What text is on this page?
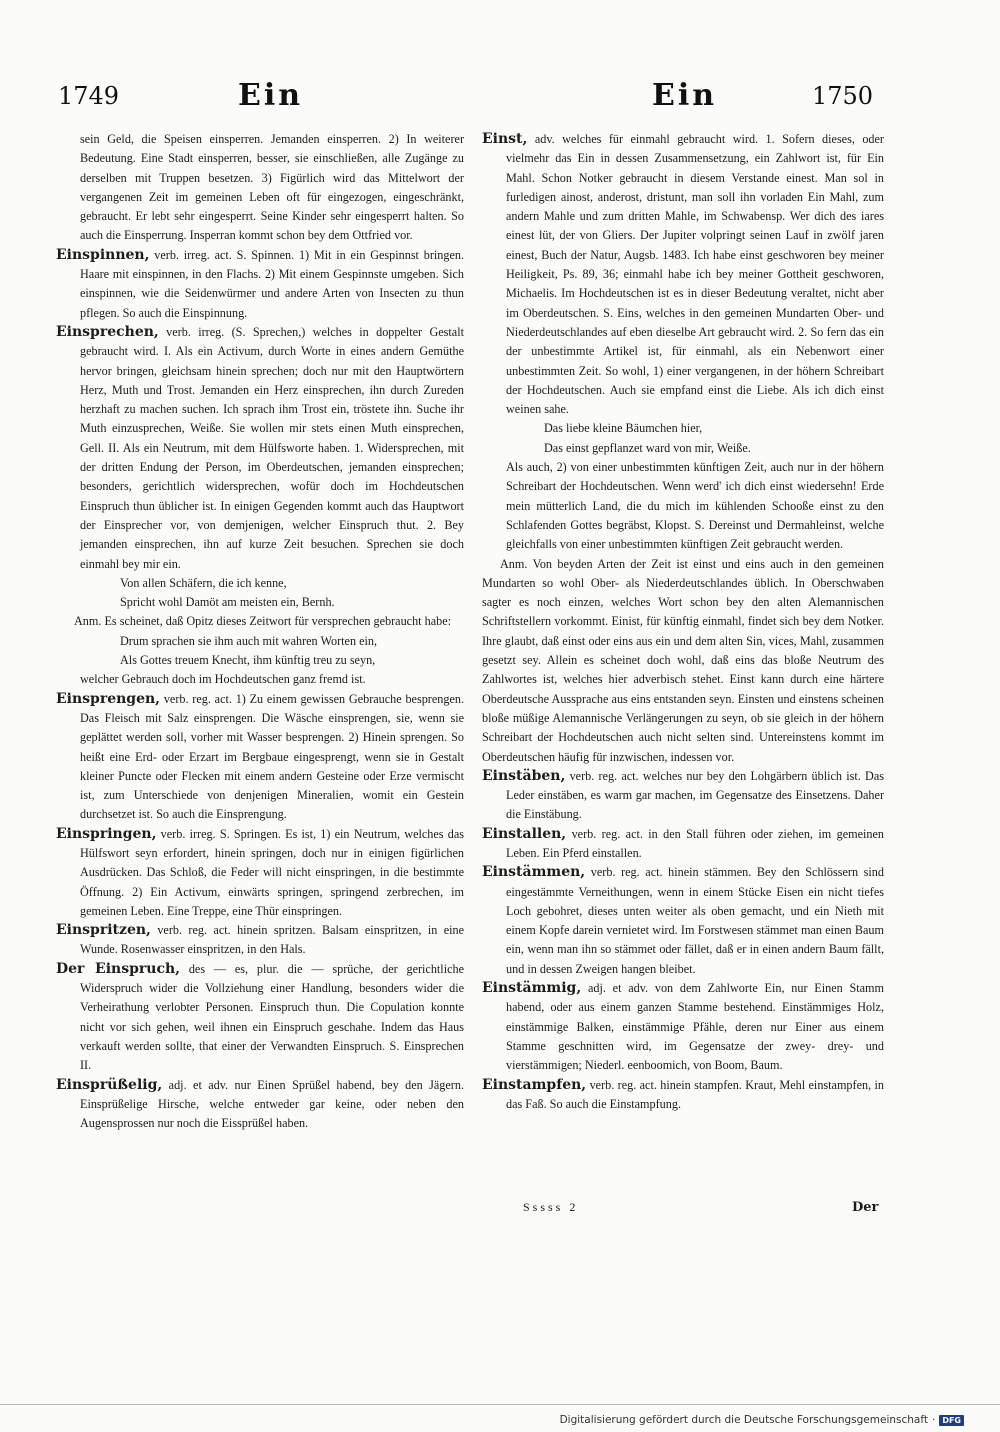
1749	Ein	Ein	1750

sein Geld, die Speisen einsperren. Jemanden einsperren. 2) In weiterer Bedeutung. Eine Stadt einsperren, besser, sie einschließen, alle Zugänge zu derselben mit Truppen besetzen. 3) Figürlich wird das Mittelwort der vergangenen Zeit im gemeinen Leben oft für eingezogen, eingeschränkt, gebraucht. Er lebt sehr eingesperrt. Seine Kinder sehr eingesperrt halten. So auch die Einsperrung. Insperran kommt schon bey dem Ottfried vor.

Einspinnen, verb. irreg. act. S. Spinnen. 1) Mit in ein Gespinnst bringen. Haare mit einspinnen, in den Flachs. 2) Mit einem Gespinnste umgeben. Sich einspinnen, wie die Seidenwürmer und andere Arten von Insecten zu thun pflegen. So auch die Einspinnung.

Einsprechen, verb. irreg. (S. Sprechen,) welches in doppelter Gestalt gebraucht wird. I. Als ein Activum, durch Worte in eines andern Gemüthe hervor bringen, gleichsam hinein sprechen; doch nur mit den Hauptwörtern Herz, Muth und Trost. Jemanden ein Herz einsprechen, ihn durch Zureden herzhaft zu machen suchen. Ich sprach ihm Trost ein, tröstete ihn. Suche ihr Muth einzusprechen, Weiße. Sie wollen mir stets einen Muth einsprechen, Gell. II. Als ein Neutrum, mit dem Hülfsworte haben. 1. Widersprechen, mit der dritten Endung der Person, im Oberdeutschen, jemanden einsprechen; besonders, gerichtlich widersprechen, wofür doch im Hochdeutschen Einspruch thun üblicher ist. In einigen Gegenden kommt auch das Hauptwort der Einsprecher vor, von demjenigen, welcher Einspruch thut. 2. Bey jemanden einsprechen, ihn auf kurze Zeit besuchen. Sprechen sie doch einmahl bey mir ein.

Von allen Schäfern, die ich kenne,

Spricht wohl Damöt am meisten ein, Bernh.

Anm. Es scheinet, daß Opitz dieses Zeitwort für versprechen gebraucht habe:

Drum sprachen sie ihm auch mit wahren Worten ein,

Als Gottes treuem Knecht, ihm künftig treu zu seyn,

welcher Gebrauch doch im Hochdeutschen ganz fremd ist.

Einsprengen, verb. reg. act. 1) Zu einem gewissen Gebrauche besprengen. Das Fleisch mit Salz einsprengen. Die Wäsche einsprengen, sie, wenn sie geplättet werden soll, vorher mit Wasser besprengen. 2) Hinein sprengen. So heißt eine Erd- oder Erzart im Bergbaue eingesprengt, wenn sie in Gestalt kleiner Puncte oder Flecken mit einem andern Gesteine oder Erze vermischt ist, zum Unterschiede von denjenigen Mineralien, womit ein Gestein durchsetzet ist. So auch die Einsprengung.

Einspringen, verb. irreg. S. Springen. Es ist, 1) ein Neutrum, welches das Hülfswort seyn erfordert, hinein springen, doch nur in einigen figürlichen Ausdrücken. Das Schloß, die Feder will nicht einspringen, in die bestimmte Öffnung. 2) Ein Activum, einwärts springen, springend zerbrechen, im gemeinen Leben. Eine Treppe, eine Thür einspringen.

Einspritzen, verb. reg. act. hinein spritzen. Balsam einspritzen, in eine Wunde. Rosenwasser einspritzen, in den Hals.

Der Einspruch, des — es, plur. die — sprüche, der gerichtliche Widerspruch wider die Vollziehung einer Handlung, besonders wider die Verheirathung verlobter Personen. Einspruch thun. Die Copulation konnte nicht vor sich gehen, weil ihnen ein Einspruch geschahe. Indem das Haus verkauft werden sollte, that einer der Verwandten Einspruch. S. Einsprechen II.

Einsprüßelig, adj. et adv. nur Einen Sprüßel habend, bey den Jägern. Einsprüßelige Hirsche, welche entweder gar keine, oder neben den Augensprossen nur noch die Eissprüßel haben.

Einst, adv. welches für einmahl gebraucht wird. 1. Sofern dieses, oder vielmehr das Ein in dessen Zusammensetzung, ein Zahlwort ist, für Ein Mahl. Schon Notker gebraucht in diesem Verstande einest. Man sol in furledigen ainost, anderost, dristunt, man soll ihn vorladen Ein Mahl, zum andern Mahle und zum dritten Mahle, im Schwabensp. Wer dich des iares einest lüt, der von Gliers. Der Jupiter volpringt seinen Lauf in zwölf jaren einest, Buch der Natur, Augsb. 1483. Ich habe einst geschworen bey meiner Heiligkeit, Ps. 89, 36; einmahl habe ich bey meiner Gottheit geschworen, Michaelis. Im Hochdeutschen ist es in dieser Bedeutung veraltet, nicht aber im Oberdeutschen. S. Eins, welches in den gemeinen Mundarten Ober- und Niederdeutschlandes auf eben dieselbe Art gebraucht wird. 2. So fern das ein der unbestimmte Artikel ist, für einmahl, als ein Nebenwort einer unbestimmten Zeit. So wohl, 1) einer vergangenen, in der höhern Schreibart der Hochdeutschen. Auch sie empfand einst die Liebe. Als ich dich einst weinen sahe.

Das liebe kleine Bäumchen hier,

Das einst gepflanzet ward von mir, Weiße.

Als auch, 2) von einer unbestimmten künftigen Zeit, auch nur in der höhern Schreibart der Hochdeutschen. Wenn werd' ich dich einst wiedersehn! Erde mein mütterlich Land, die du mich im kühlenden Schooße einst zu den Schlafenden Gottes begräbst, Klopst. S. Dereinst und Dermahleinst, welche gleichfalls von einer unbestimmten künftigen Zeit gebraucht werden.

Anm. Von beyden Arten der Zeit ist einst und eins auch in den gemeinen Mundarten so wohl Ober- als Niederdeutschlandes üblich. In Oberschwaben sagter es noch einzen, welches Wort schon bey den alten Alemannischen Schriftstellern vorkommt. Einist, für künftig einmahl, findet sich bey dem Notker. Ihre glaubt, daß einst oder eins aus ein und dem alten Sin, vices, Mahl, zusammen gesetzt sey. Allein es scheinet doch wohl, daß eins das bloße Neutrum des Zahlwortes ist, welches hier adverbisch stehet. Einst kann durch eine härtere Oberdeutsche Aussprache aus eins entstanden seyn. Einsten und einstens scheinen bloße müßige Alemannische Verlängerungen zu seyn, ob sie gleich in der höhern Schreibart der Hochdeutschen auch nicht selten sind. Untereinstens kommt im Oberdeutschen häufig für inzwischen, indessen vor.

Einstäben, verb. reg. act. welches nur bey den Lohgärbern üblich ist. Das Leder einstäben, es warm gar machen, im Gegensatze des Einsetzens. Daher die Einstäbung.

Einstallen, verb. reg. act. in den Stall führen oder ziehen, im gemeinen Leben. Ein Pferd einstallen.

Einstämmen, verb. reg. act. hinein stämmen. Bey den Schlössern sind eingestämmte Verneithungen, wenn in einem Stücke Eisen ein nicht tiefes Loch gebohret, dieses unten weiter als oben gemacht, und ein Nieth mit einem Kopfe darein vernietet wird. Im Forstwesen stämmet man einen Baum ein, wenn man ihn so stämmet oder fället, daß er in einen andern Baum fällt, und in dessen Zweigen hangen bleibet.

Einstämmig, adj. et adv. von dem Zahlworte Ein, nur Einen Stamm habend, oder aus einem ganzen Stamme bestehend. Einstämmiges Holz, einstämmige Balken, einstämmige Pfähle, deren nur Einer aus einem Stamme geschnitten wird, im Gegensatze der zwey- drey- und vierstämmigen; Niederl. eenboomich, von Boom, Baum.

Einstampfen, verb. reg. act. hinein stampfen. Kraut, Mehl einstampfen, in das Faß. So auch die Einstampfung.

Sssss 2	Der
Digitalisierung gefördert durch die Deutsche Forschungsgemeinschaft · DFG
